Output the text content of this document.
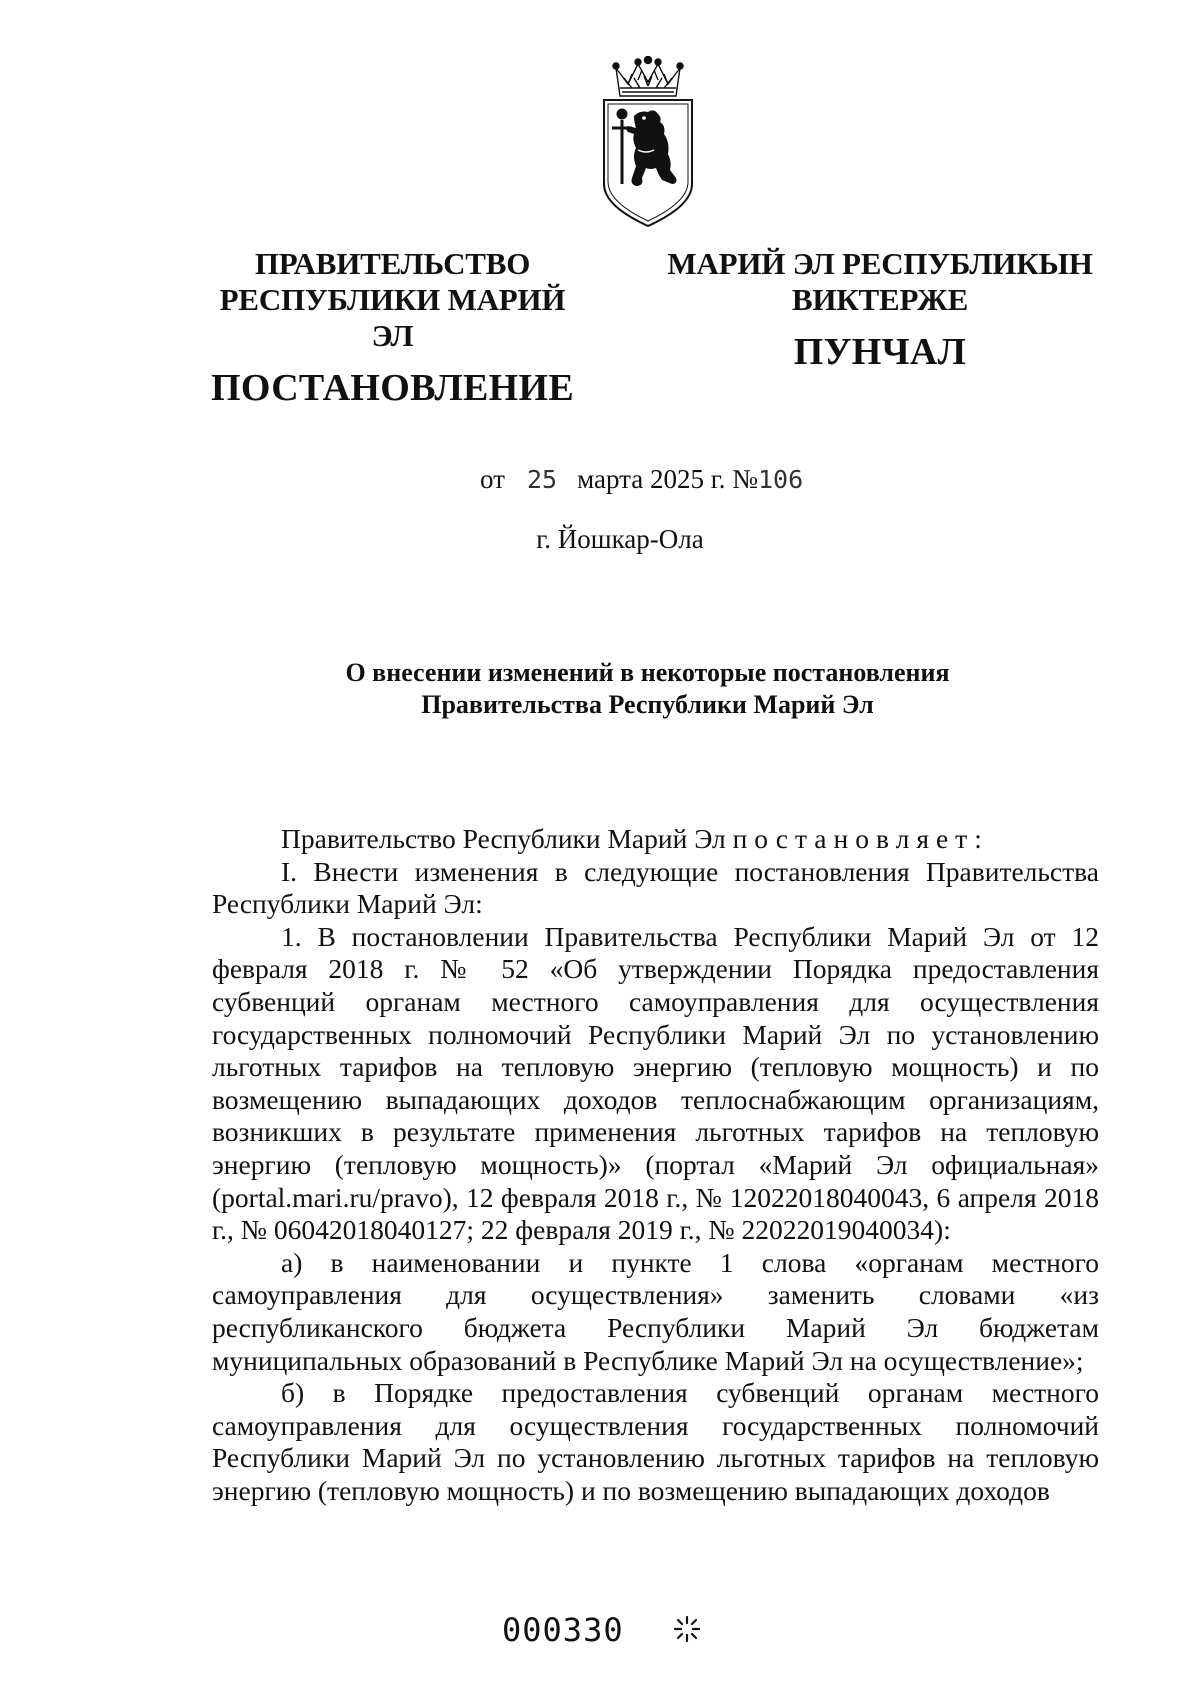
ПРАВИТЕЛЬСТВО
РЕСПУБЛИКИ МАРИЙ ЭЛ
ПОСТАНОВЛЕНИЕ
МАРИЙ ЭЛ РЕСПУБЛИКЫН
ВИКТЕРЖЕ
ПУНЧАЛ
от 25 марта 2025 г. №106
г. Йошкар-Ола
О внесении изменений в некоторые постановления
Правительства Республики Марий Эл

Правительство Республики Марий Эл постановляет:

I. Внести изменения в следующие постановления Правительства Республики Марий Эл:

1. В постановлении Правительства Республики Марий Эл от 12 февраля 2018 г. № 52 «Об утверждении Порядка предоставления субвенций органам местного самоуправления для осуществления государственных полномочий Республики Марий Эл по установлению льготных тарифов на тепловую энергию (тепловую мощность) и по возмещению выпадающих доходов теплоснабжающим организациям, возникших в результате применения льготных тарифов на тепловую энергию (тепловую мощность)» (портал «Марий Эл официальная» (portal.mari.ru/pravo), 12 февраля 2018 г., № 12022018040043, 6 апреля 2018 г., № 06042018040127; 22 февраля 2019 г., № 22022019040034):

а) в наименовании и пункте 1 слова «органам местного самоуправления для осуществления» заменить словами «из республиканского бюджета Республики Марий Эл бюджетам муниципальных образований в Республике Марий Эл на осуществление»;

б) в Порядке предоставления субвенций органам местного самоуправления для осуществления государственных полномочий Республики Марий Эл по установлению льготных тарифов на тепловую энергию (тепловую мощность) и по возмещению выпадающих доходов

000330
